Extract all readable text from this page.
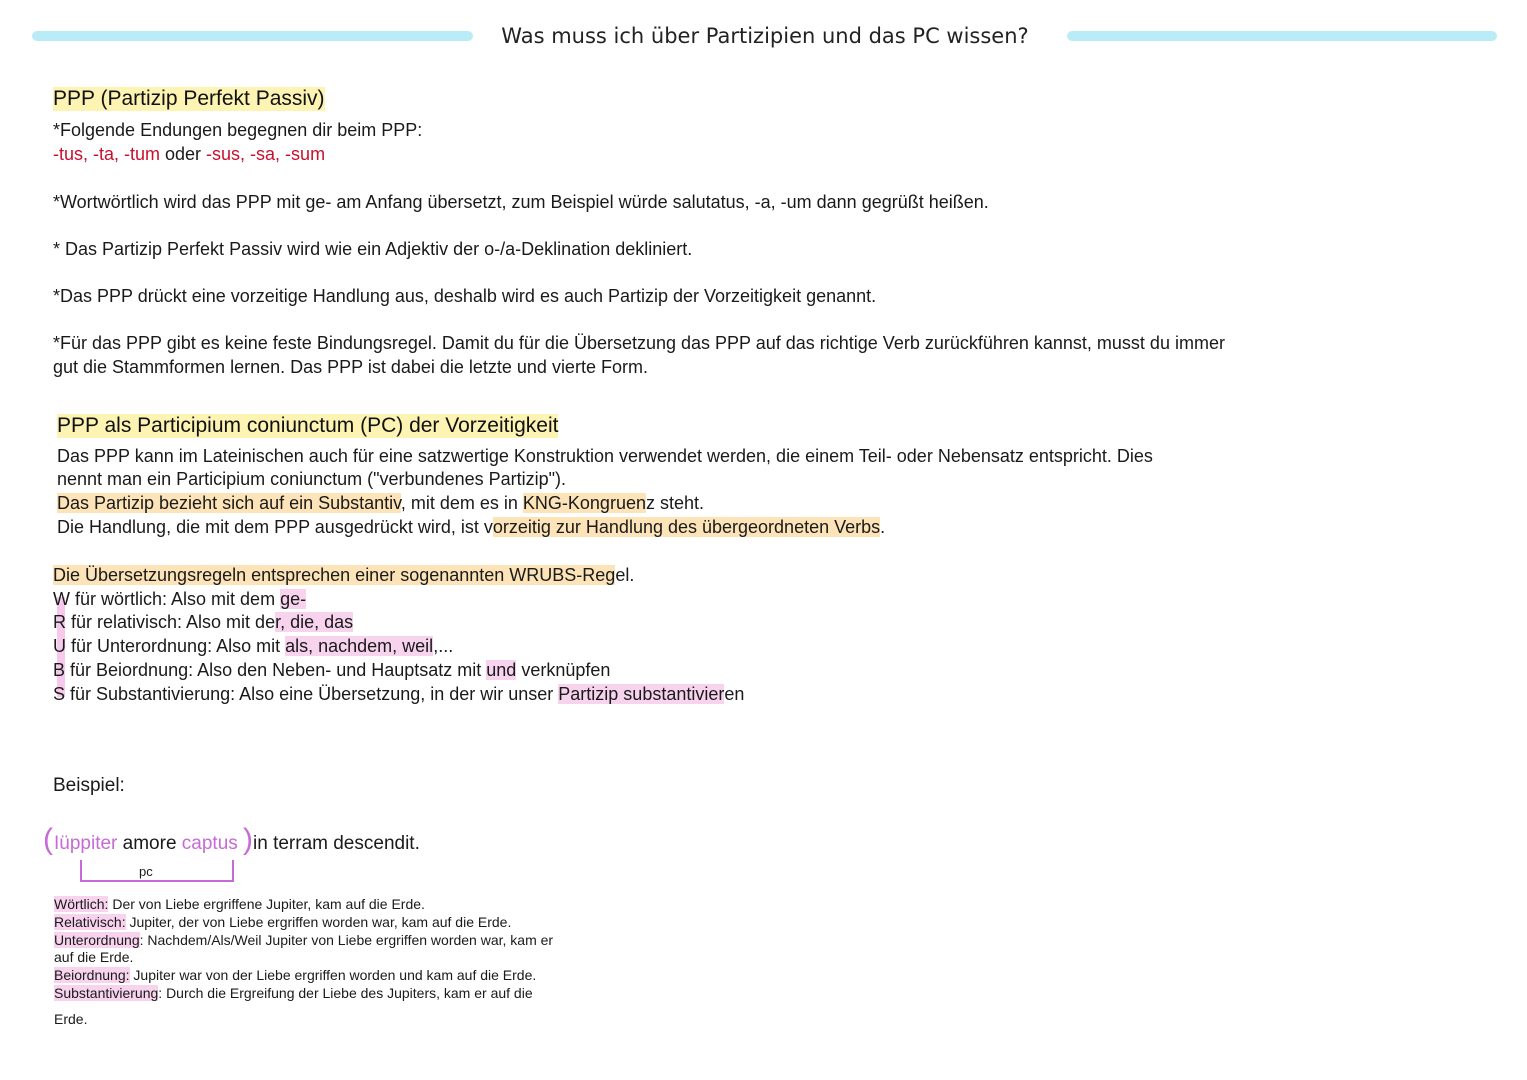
Was muss ich über Partizipien und das PC wissen?
PPP (Partizip Perfekt Passiv)
*Folgende Endungen begegnen dir beim PPP:
-tus, -ta, -tum oder -sus, -sa, -sum
*Wortwörtlich wird das PPP mit ge- am Anfang übersetzt, zum Beispiel würde salutatus, -a, -um dann gegrüßt heißen.
* Das Partizip Perfekt Passiv wird wie ein Adjektiv der o-/a-Deklination dekliniert.
*Das PPP drückt eine vorzeitige Handlung aus, deshalb wird es auch Partizip der Vorzeitigkeit genannt.
*Für das PPP gibt es keine feste Bindungsregel. Damit du für die Übersetzung das PPP auf das richtige Verb zurückführen kannst, musst du immer
gut die Stammformen lernen. Das PPP ist dabei die letzte und vierte Form.
PPP als Participium coniunctum (PC) der Vorzeitigkeit
Das PPP kann im Lateinischen auch für eine satzwertige Konstruktion verwendet werden, die einem Teil- oder Nebensatz entspricht. Dies
nennt man ein Participium coniunctum ("verbundenes Partizip").
Das Partizip bezieht sich auf ein Substantiv, mit dem es in KNG-Kongruenz steht.
Die Handlung, die mit dem PPP ausgedrückt wird, ist vorzeitig zur Handlung des übergeordneten Verbs.
Die Übersetzungsregeln entsprechen einer sogenannten WRUBS-Regel.
W für wörtlich: Also mit dem ge-
R für relativisch: Also mit der, die, das
U für Unterordnung: Also mit als, nachdem, weil,...
B für Beiordnung: Also den Neben- und Hauptsatz mit und verknüpfen
S für Substantivierung: Also eine Übersetzung, in der wir unser Partizip substantivieren
Beispiel:
( Iüppiter amore captus ) in terram descendit.
pc
Wörtlich: Der von Liebe ergriffene Jupiter, kam auf die Erde.
Relativisch: Jupiter, der von Liebe ergriffen worden war, kam auf die Erde.
Unterordnung: Nachdem/Als/Weil Jupiter von Liebe ergriffen worden war, kam er
auf die Erde.
Beiordnung: Jupiter war von der Liebe ergriffen worden und kam auf die Erde.
Substantivierung: Durch die Ergreifung der Liebe des Jupiters, kam er auf die
Erde.
